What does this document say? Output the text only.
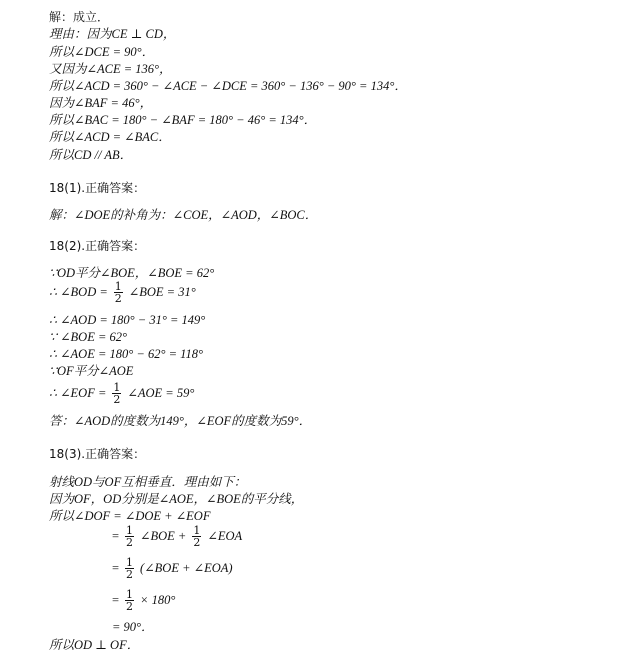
解：成立．
理由：因为CE ⊥ CD，
所以∠DCE = 90°．
又因为∠ACE = 136°，
所以∠ACD = 360° − ∠ACE − ∠DCE = 360° − 136° − 90° = 134°．
因为∠BAF = 46°，
所以∠BAC = 180° − ∠BAF = 180° − 46° = 134°．
所以∠ACD = ∠BAC．
所以CD // AB．
18(1).正确答案：
解：∠DOE的补角为：∠COE，∠AOD，∠BOC．
18(2).正确答案：
∵OD平分∠BOE，∠BOE = 62°
∴ ∠BOD = $\frac{1}{2}$ ∠BOE = 31°
∴ ∠AOD = 180° − 31° = 149°
∵ ∠BOE = 62°
∴ ∠AOE = 180° − 62° = 118°
∵OF平分∠AOE
∴ ∠EOF = $\frac{1}{2}$ ∠AOE = 59°
答：∠AOD的度数为149°，∠EOF的度数为59°．
18(3).正确答案：
射线OD与OF互相垂直．理由如下：
因为OF，OD分别是∠AOE，∠BOE的平分线，
所以∠DOF = ∠DOE + ∠EOF
= $\frac{1}{2}$ ∠BOE + $\frac{1}{2}$ ∠EOA
= $\frac{1}{2}$ (∠BOE + ∠EOA)
= $\frac{1}{2} \times 180^\circ$
= 90°．
所以OD ⊥ OF．
